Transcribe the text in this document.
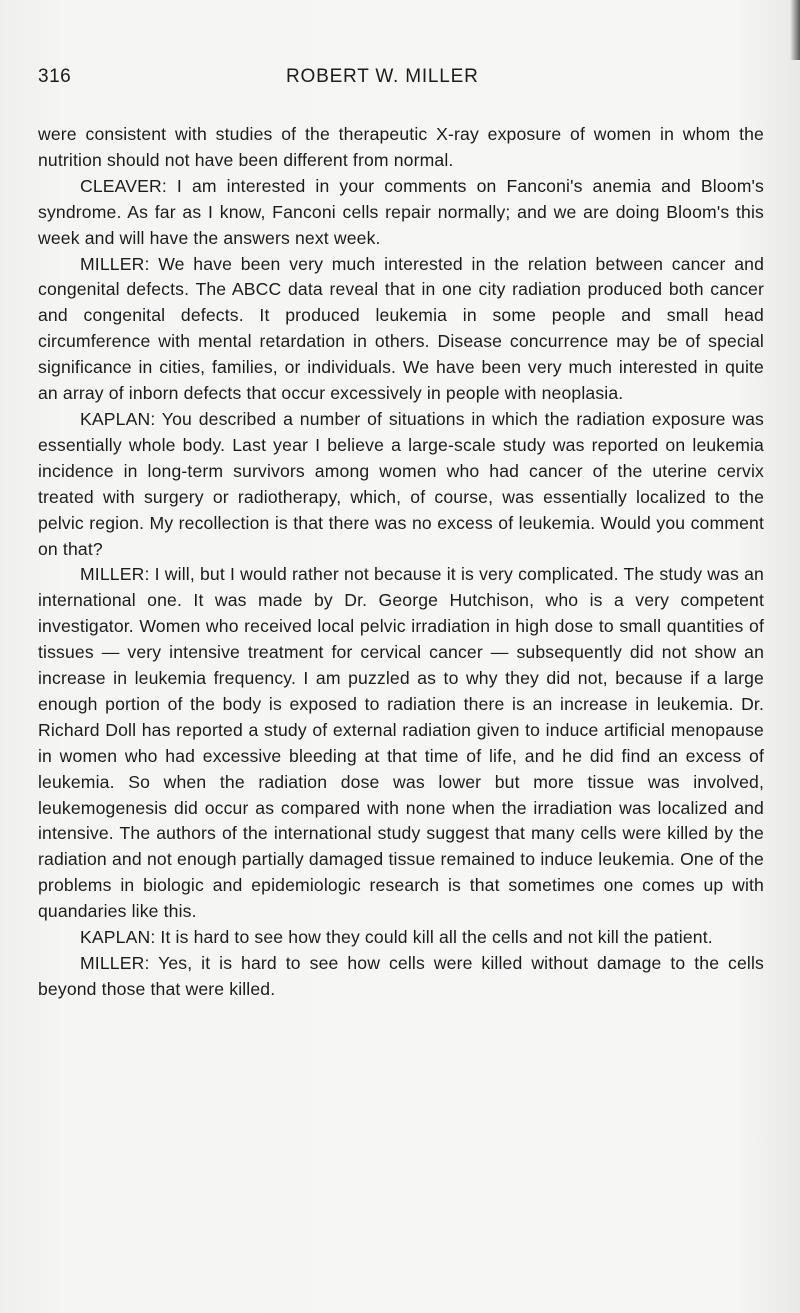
316	ROBERT W. MILLER

were consistent with studies of the therapeutic X-ray exposure of women in whom the nutrition should not have been different from normal.

CLEAVER: I am interested in your comments on Fanconi's anemia and Bloom's syndrome. As far as I know, Fanconi cells repair normally; and we are doing Bloom's this week and will have the answers next week.

MILLER: We have been very much interested in the relation between cancer and congenital defects. The ABCC data reveal that in one city radiation produced both cancer and congenital defects. It produced leukemia in some people and small head circumference with mental retardation in others. Disease concurrence may be of special significance in cities, families, or individuals. We have been very much interested in quite an array of inborn defects that occur excessively in people with neoplasia.

KAPLAN: You described a number of situations in which the radiation exposure was essentially whole body. Last year I believe a large-scale study was reported on leukemia incidence in long-term survivors among women who had cancer of the uterine cervix treated with surgery or radiotherapy, which, of course, was essentially localized to the pelvic region. My recollection is that there was no excess of leukemia. Would you comment on that?

MILLER: I will, but I would rather not because it is very complicated. The study was an international one. It was made by Dr. George Hutchison, who is a very competent investigator. Women who received local pelvic irradiation in high dose to small quantities of tissues — very intensive treatment for cervical cancer — subsequently did not show an increase in leukemia frequency. I am puzzled as to why they did not, because if a large enough portion of the body is exposed to radiation there is an increase in leukemia. Dr. Richard Doll has reported a study of external radiation given to induce artificial menopause in women who had excessive bleeding at that time of life, and he did find an excess of leukemia. So when the radiation dose was lower but more tissue was involved, leukemogenesis did occur as compared with none when the irradiation was localized and intensive. The authors of the international study suggest that many cells were killed by the radiation and not enough partially damaged tissue remained to induce leukemia. One of the problems in biologic and epidemiologic research is that sometimes one comes up with quandaries like this.

KAPLAN: It is hard to see how they could kill all the cells and not kill the patient.

MILLER: Yes, it is hard to see how cells were killed without damage to the cells beyond those that were killed.
